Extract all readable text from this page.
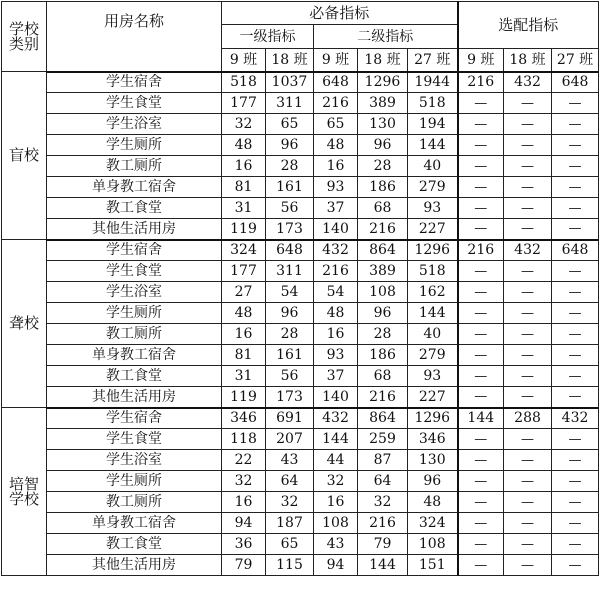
学校类别	用房名称	必备指标					选配指标		
		一级指标		二级指标					
		9 班	18 班	9 班	18 班	27 班	9 班	18 班	27 班
盲校	学生宿舍	518	1037	648	1296	1944	216	432	648
	学生食堂	177	311	216	389	518	—	—	—
	学生浴室	32	65	65	130	194	—	—	—
	学生厕所	48	96	48	96	144	—	—	—
	教工厕所	16	28	16	28	40	—	—	—
	单身教工宿舍	81	161	93	186	279	—	—	—
	教工食堂	31	56	37	68	93	—	—	—
	其他生活用房	119	173	140	216	227	—	—	—
聋校	学生宿舍	324	648	432	864	1296	216	432	648
	学生食堂	177	311	216	389	518	—	—	—
	学生浴室	27	54	54	108	162	—	—	—
	学生厕所	48	96	48	96	144	—	—	—
	教工厕所	16	28	16	28	40	—	—	—
	单身教工宿舍	81	161	93	186	279	—	—	—
	教工食堂	31	56	37	68	93	—	—	—
	其他生活用房	119	173	140	216	227	—	—	—
培智学校	学生宿舍	346	691	432	864	1296	144	288	432
	学生食堂	118	207	144	259	346	—	—	—
	学生浴室	22	43	44	87	130	—	—	—
	学生厕所	32	64	32	64	96	—	—	—
	教工厕所	16	32	16	32	48	—	—	—
	单身教工宿舍	94	187	108	216	324	—	—	—
	教工食堂	36	65	43	79	108	—	—	—
	其他生活用房	79	115	94	144	151	—	—	—
